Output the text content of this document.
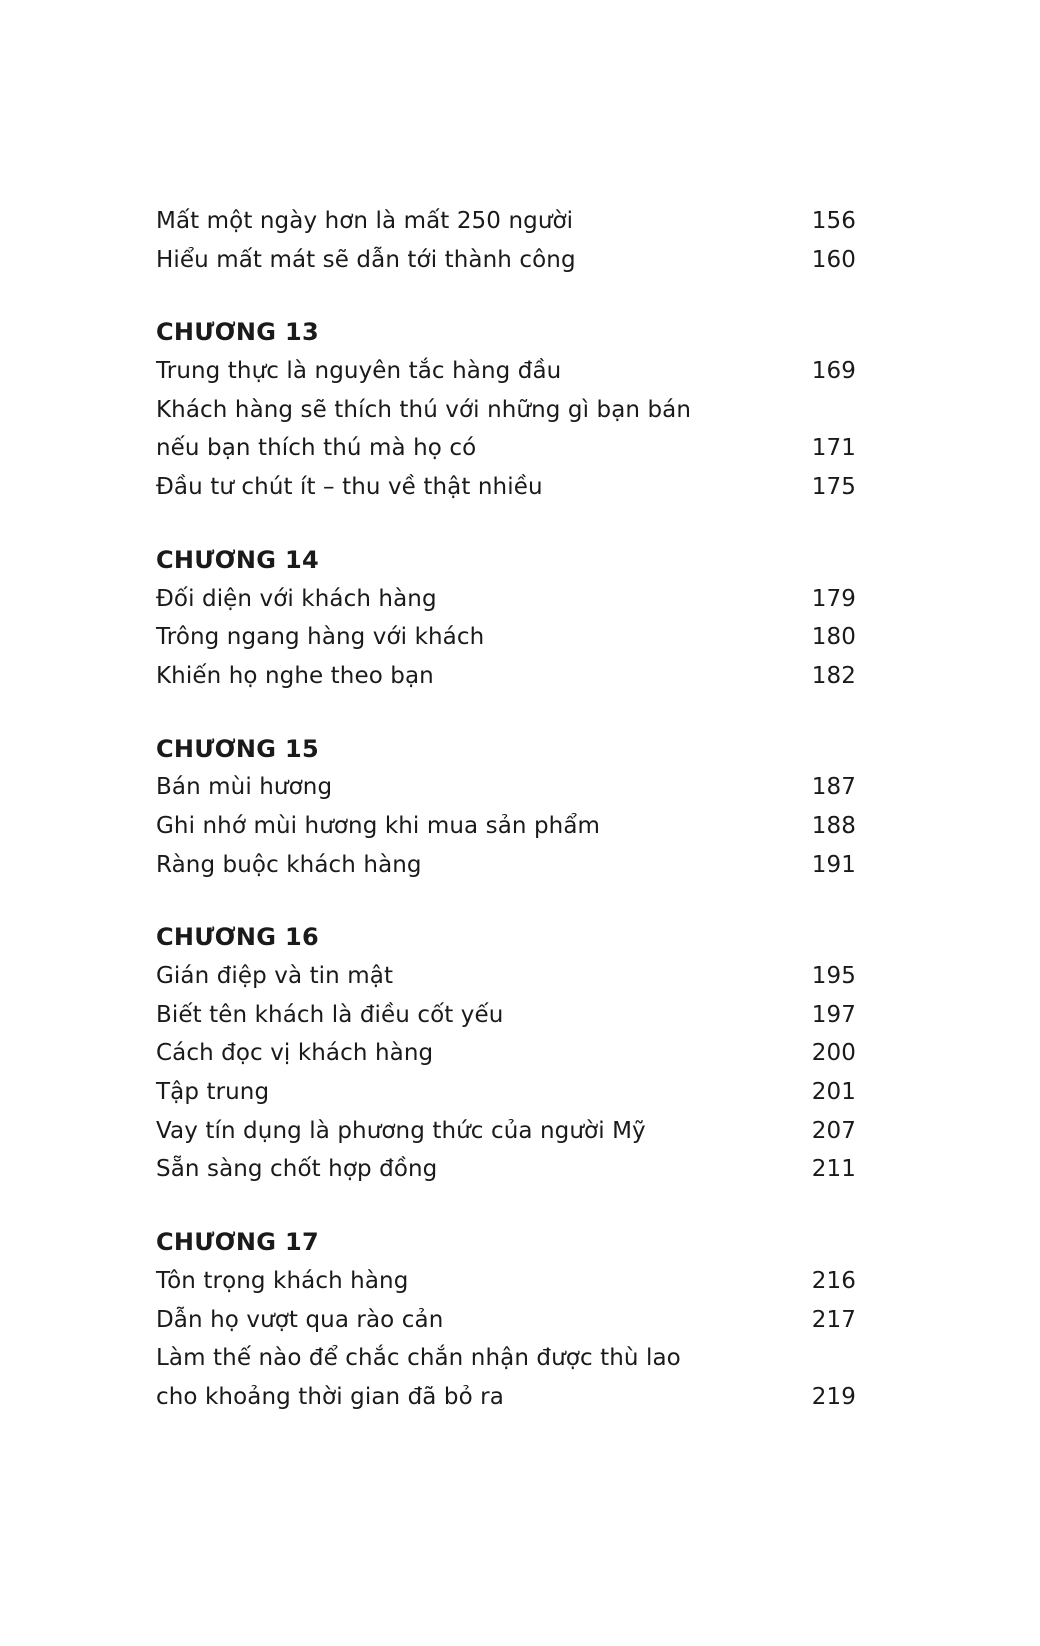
Mất một ngày hơn là mất 250 người	156
Hiểu mất mát sẽ dẫn tới thành công	160
CHƯƠNG 13
Trung thực là nguyên tắc hàng đầu	169
Khách hàng sẽ thích thú với những gì bạn bán
nếu bạn thích thú mà họ có	171
Đầu tư chút ít – thu về thật nhiều	175
CHƯƠNG 14
Đối diện với khách hàng	179
Trông ngang hàng với khách	180
Khiến họ nghe theo bạn	182
CHƯƠNG 15
Bán mùi hương	187
Ghi nhớ mùi hương khi mua sản phẩm	188
Ràng buộc khách hàng	191
CHƯƠNG 16
Gián điệp và tin mật	195
Biết tên khách là điều cốt yếu	197
Cách đọc vị khách hàng	200
Tập trung	201
Vay tín dụng là phương thức của người Mỹ	207
Sẵn sàng chốt hợp đồng	211
CHƯƠNG 17
Tôn trọng khách hàng	216
Dẫn họ vượt qua rào cản	217
Làm thế nào để chắc chắn nhận được thù lao
cho khoảng thời gian đã bỏ ra	219
